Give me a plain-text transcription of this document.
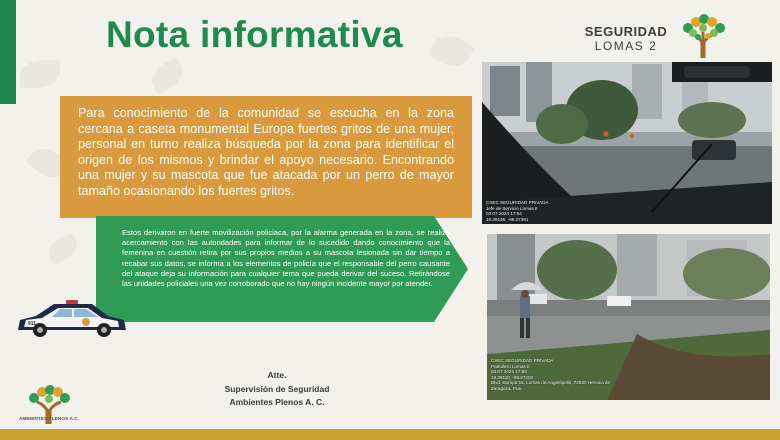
Nota informativa	SEGURIDAD
LOMAS 2
Para conocimiento de la comunidad se escucha en la zona cercana a caseta monumental Europa fuertes gritos de una mujer, personal en turno realiza búsqueda por la zona para identificar el origen de los mismos y brindar el apoyo necesario. Encontrando una mujer y su mascota que fue atacada por un perro de mayor tamaño ocasionando los fuertes gritos.
Estos derivaron en fuerte movilización policiaca, por la alarma generada en la zona, se realiza acercamiento con las autoridades para informar de lo sucedido dando conocimiento que la femenina en cuestión retira por sus propios medios a su mascota lesionada sin dar tiempo a recabar sus datos, se informa a los elementos de policía que el responsable del perro causante del ataque deja su información para cualquier tema que pueda derivar del suceso. Retirándose las unidades policiales una vez corroborado que no hay ningún incidente mayor por atender.
911
Atte.
Supervisión de Seguridad
Ambientes Plenos A. C.
AMBIENTES PLENOS A.C.
CSEC SEGURIDAD PRIVADA
Jefe de Servicio Lomas II
03.07.2024 17:54
19.39135, -99.27391
CSEC SEGURIDAD PRIVADA
Patrullero Lomas II
03.07.2024 17:56
19.39110, -99.27403
Blvd. Europa 15, Lomas de Angelópolis, 72830 Heroica de
Zaragoza, Pue.
